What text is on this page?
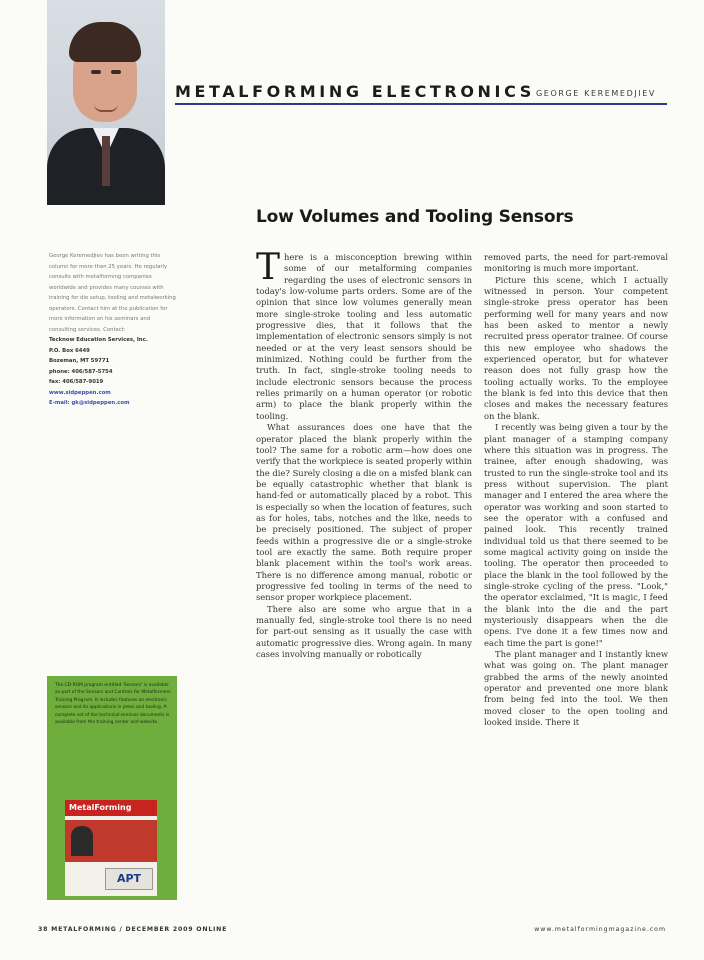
METALFORMING ELECTRONICS GEORGE KEREMEDJIEV
Low Volumes and Tooling Sensors
George Keremedjiev has been writing this column for more than 25 years. He regularly consults with metalforming companies worldwide and provides many courses with training for die setup, tooling and metalworking operators. Contact him at the publication for more information on his seminars and consulting services. Contact:
Tecknow Education Services, Inc.
P.O. Box 6449
Bozeman, MT 59771
phone: 406/587-5754
fax: 406/587-9019
www.sidpeppen.com
E-mail: gk@sidpeppen.com

There is a misconception brewing within some of our metalforming companies regarding the uses of electronic sensors in today's low-volume parts orders. Some are of the opinion that since low volumes generally mean more single-stroke tooling and less automatic progressive dies, that it follows that the implementation of electronic sensors simply is not needed or at the very least sensors should be minimized. Nothing could be further from the truth. In fact, single-stroke tooling needs to include electronic sensors because the process relies primarily on a human operator (or robotic arm) to place the blank properly within the tooling.

What assurances does one have that the operator placed the blank properly within the tool? The same for a robotic arm—how does one verify that the workpiece is seated properly within the die? Surely closing a die on a misfed blank can be equally catastrophic whether that blank is hand-fed or automatically placed by a robot. This is especially so when the location of features, such as for holes, tabs, notches and the like, needs to be precisely positioned. The subject of proper feeds within a progressive die or a single-stroke tool are exactly the same. Both require proper blank placement within the tool's work areas. There is no difference among manual, robotic or progressive fed tooling in terms of the need to sensor proper workpiece placement.

There also are some who argue that in a manually fed, single-stroke tool there is no need for part-out sensing as it usually the case with automatic progressive dies. Wrong again. In many cases involving manually or robotically

removed parts, the need for part-removal monitoring is much more important.

Picture this scene, which I actually witnessed in person. Your competent single-stroke press operator has been performing well for many years and now has been asked to mentor a newly recruited press operator trainee. Of course this new employee who shadows the experienced operator, but for whatever reason does not fully grasp how the tooling actually works. To the employee the blank is fed into this device that then closes and makes the necessary features on the blank.

I recently was being given a tour by the plant manager of a stamping company where this situation was in progress. The trainee, after enough shadowing, was trusted to run the single-stroke tool and its press without supervision. The plant manager and I entered the area where the operator was working and soon started to see the operator with a confused and pained look. This recently trained individual told us that there seemed to be some magical activity going on inside the tooling. The operator then proceeded to place the blank in the tool followed by the single-stroke cycling of the press. "Look," the operator exclaimed, "It is magic, I feed the blank into the die and the part mysteriously disappears when the die opens. I've done it a few times now and each time the part is gone!"

The plant manager and I instantly knew what was going on. The plant manager grabbed the arms of the newly anointed operator and prevented one more blank from being fed into the tool. We then moved closer to the open tooling and looked inside. There it

The CD-ROM program entitled 'Sensors' is available as part of the Sensors and Controls for Metalformers Training Program. It includes features on electronic sensors and its applications in press and tooling. A complete set of the technical-seminar documents is available from the training center and website.
MetalForming
APT
38 METALFORMING / DECEMBER 2009 ONLINE	www.metalformingmagazine.com
